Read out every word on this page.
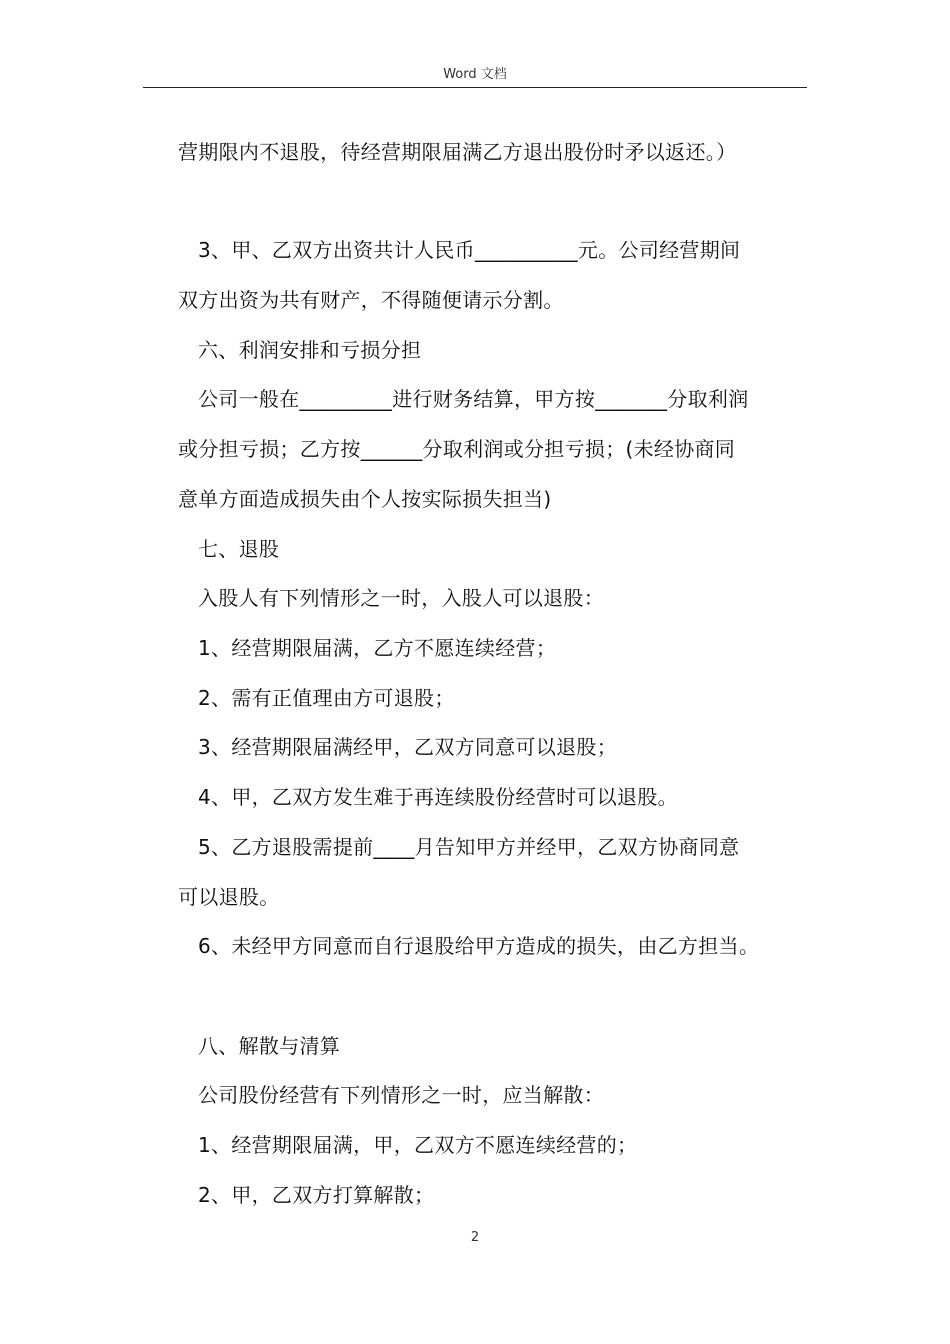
Word 文档
营期限内不退股，待经营期限届满乙方退出股份时矛以返还。）
3、甲、乙双方出资共计人民币__________元。公司经营期间
双方出资为共有财产，不得随便请示分割。
六、利润安排和亏损分担
公司一般在_________进行财务结算，甲方按_______分取利润
或分担亏损；乙方按______分取利润或分担亏损；(未经协商同
意单方面造成损失由个人按实际损失担当)
七、退股
入股人有下列情形之一时，入股人可以退股：
1、经营期限届满，乙方不愿连续经营；
2、需有正值理由方可退股；
3、经营期限届满经甲，乙双方同意可以退股；
4、甲，乙双方发生难于再连续股份经营时可以退股。
5、乙方退股需提前____月告知甲方并经甲，乙双方协商同意
可以退股。
6、未经甲方同意而自行退股给甲方造成的损失，由乙方担当。
八、解散与清算
公司股份经营有下列情形之一时，应当解散：
1、经营期限届满，甲，乙双方不愿连续经营的；
2、甲，乙双方打算解散；
2
